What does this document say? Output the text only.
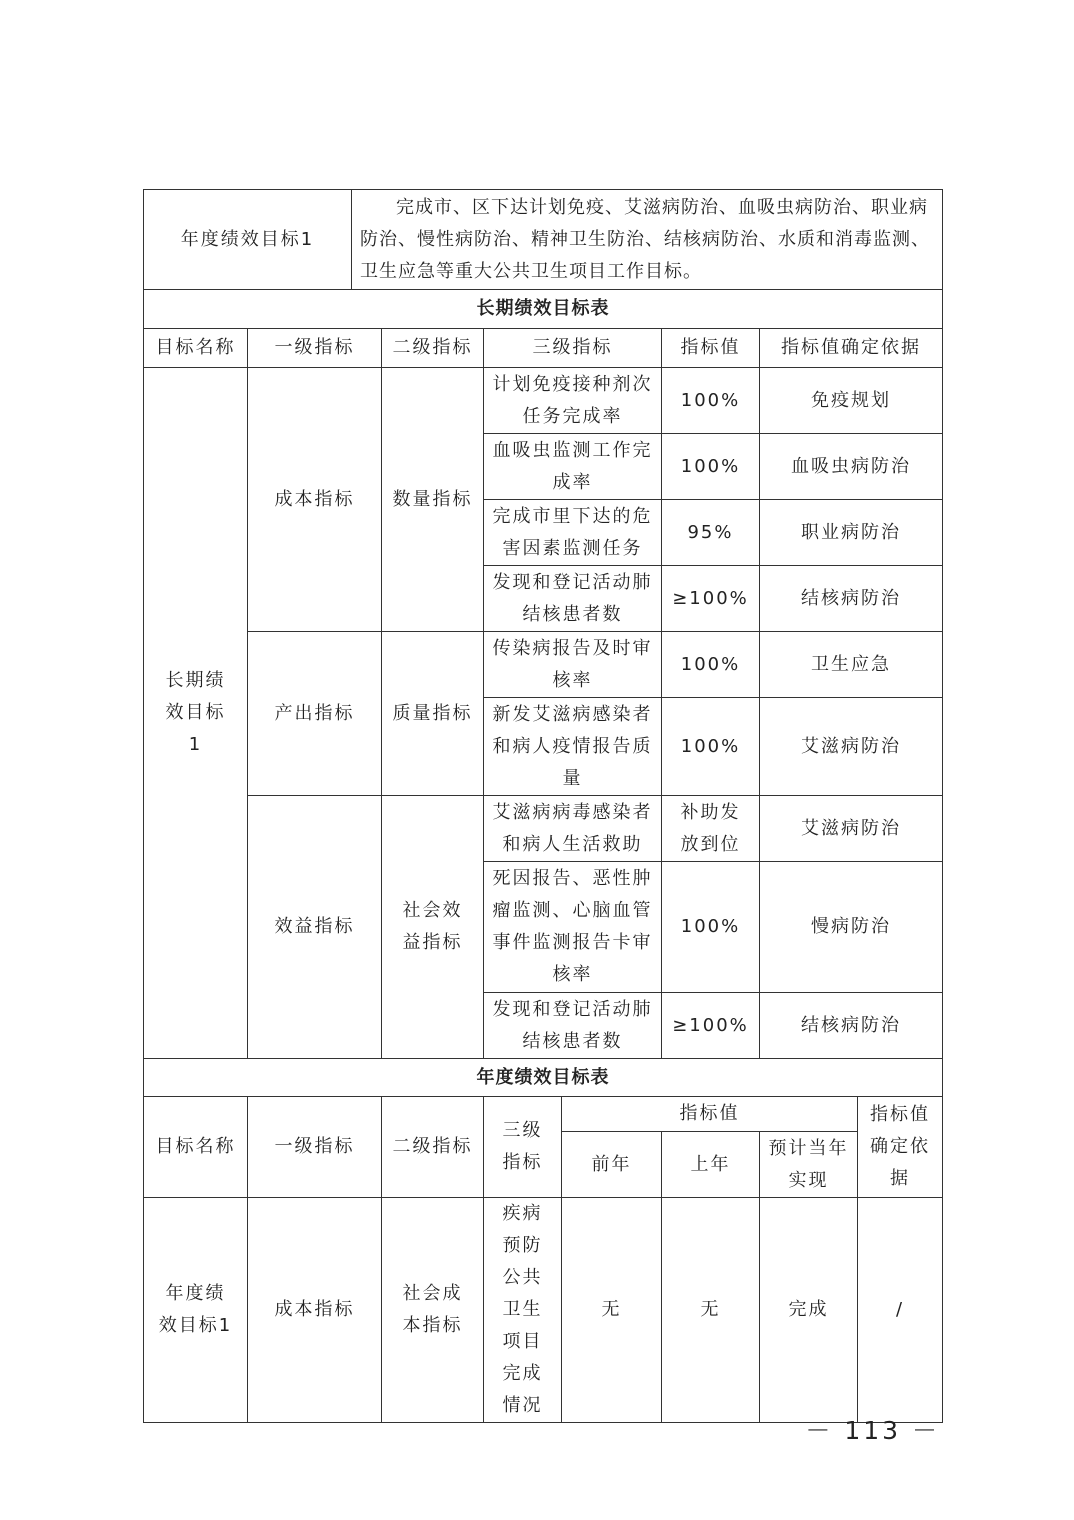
年度绩效目标1	完成市、区下达计划免疫、艾滋病防治、血吸虫病防治、职业病防治、慢性病防治、精神卫生防治、结核病防治、水质和消毒监测、卫生应急等重大公共卫生项目工作目标。
长期绩效目标表							
目标名称	一级指标	二级指标	三级指标		指标值	指标值确定依据	
长期绩效目标1	成本指标	数量指标	计划免疫接种剂次任务完成率		100%	免疫规划	
			血吸虫监测工作完成率		100%	血吸虫病防治	
			完成市里下达的危害因素监测任务		95%	职业病防治	
			发现和登记活动肺结核患者数		≥100%	结核病防治	
	产出指标	质量指标	传染病报告及时审核率		100%	卫生应急	
			新发艾滋病感染者和病人疫情报告质量		100%	艾滋病防治	
	效益指标	社会效益指标	艾滋病病毒感染者和病人生活救助		补助发放到位	艾滋病防治	
			死因报告、恶性肿瘤监测、心脑血管事件监测报告卡审核率		100%	慢病防治	
			发现和登记活动肺结核患者数		≥100%	结核病防治	
年度绩效目标表							
目标名称	一级指标	二级指标	三级指标	指标值			指标值确定依据
				前年	上年	预计当年实现	
年度绩效目标1	成本指标	社会成本指标	疾病预防公共卫生项目完成情况	无	无	完成	/
－ 113 －
